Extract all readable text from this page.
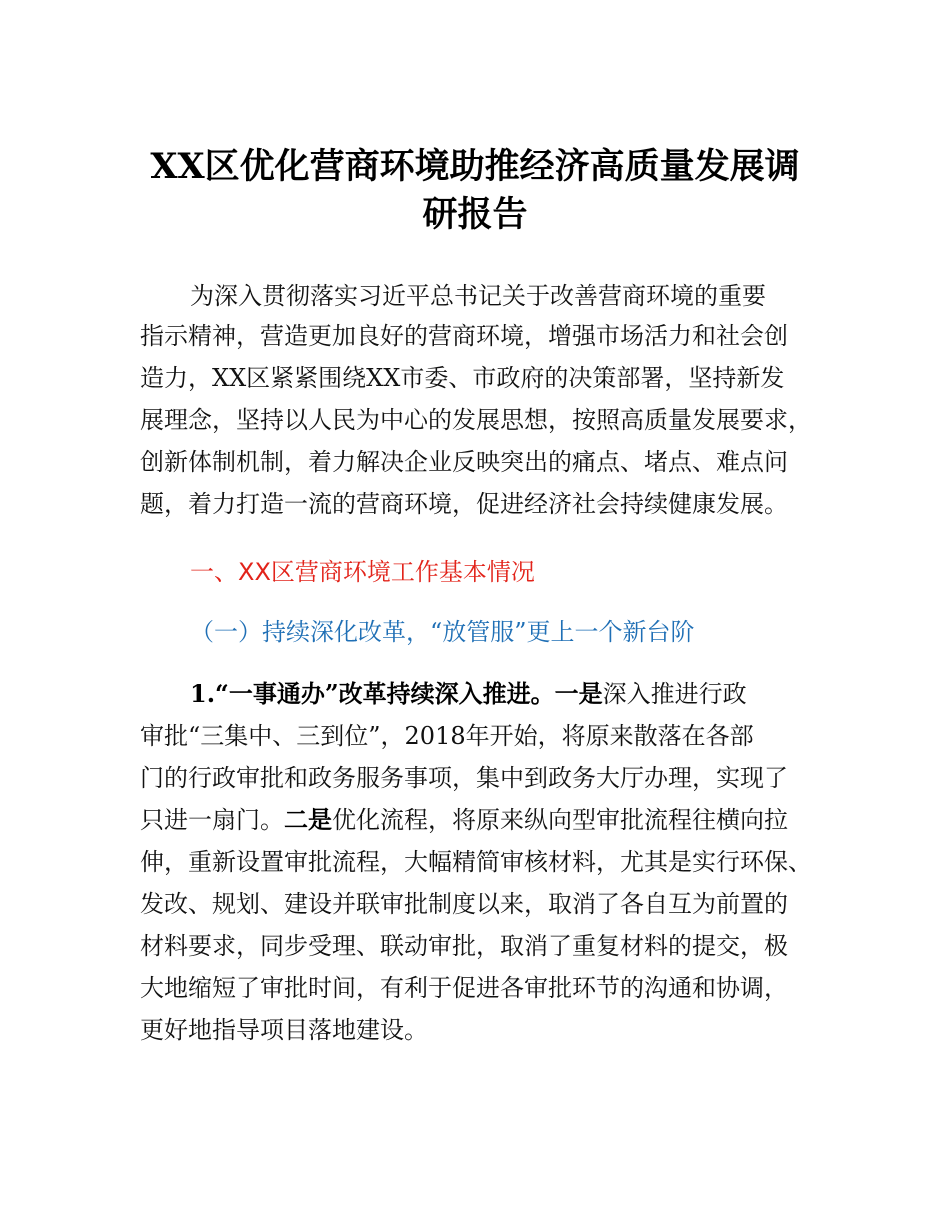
XX区优化营商环境助推经济高质量发展调
研报告
为深入贯彻落实习近平总书记关于改善营商环境的重要
指示精神，营造更加良好的营商环境，增强市场活力和社会创
造力，XX区紧紧围绕XX市委、市政府的决策部署，坚持新发
展理念，坚持以人民为中心的发展思想，按照高质量发展要求，
创新体制机制，着力解决企业反映突出的痛点、堵点、难点问
题，着力打造一流的营商环境，促进经济社会持续健康发展。
一、XX区营商环境工作基本情况
（一）持续深化改革，“放管服”更上一个新台阶
1.“一事通办”改革持续深入推进。一是深入推进行政
审批“三集中、三到位”，2018年开始，将原来散落在各部
门的行政审批和政务服务事项，集中到政务大厅办理，实现了
只进一扇门。二是优化流程，将原来纵向型审批流程往横向拉
伸，重新设置审批流程，大幅精简审核材料，尤其是实行环保、
发改、规划、建设并联审批制度以来，取消了各自互为前置的
材料要求，同步受理、联动审批，取消了重复材料的提交，极
大地缩短了审批时间，有利于促进各审批环节的沟通和协调，
更好地指导项目落地建设。
